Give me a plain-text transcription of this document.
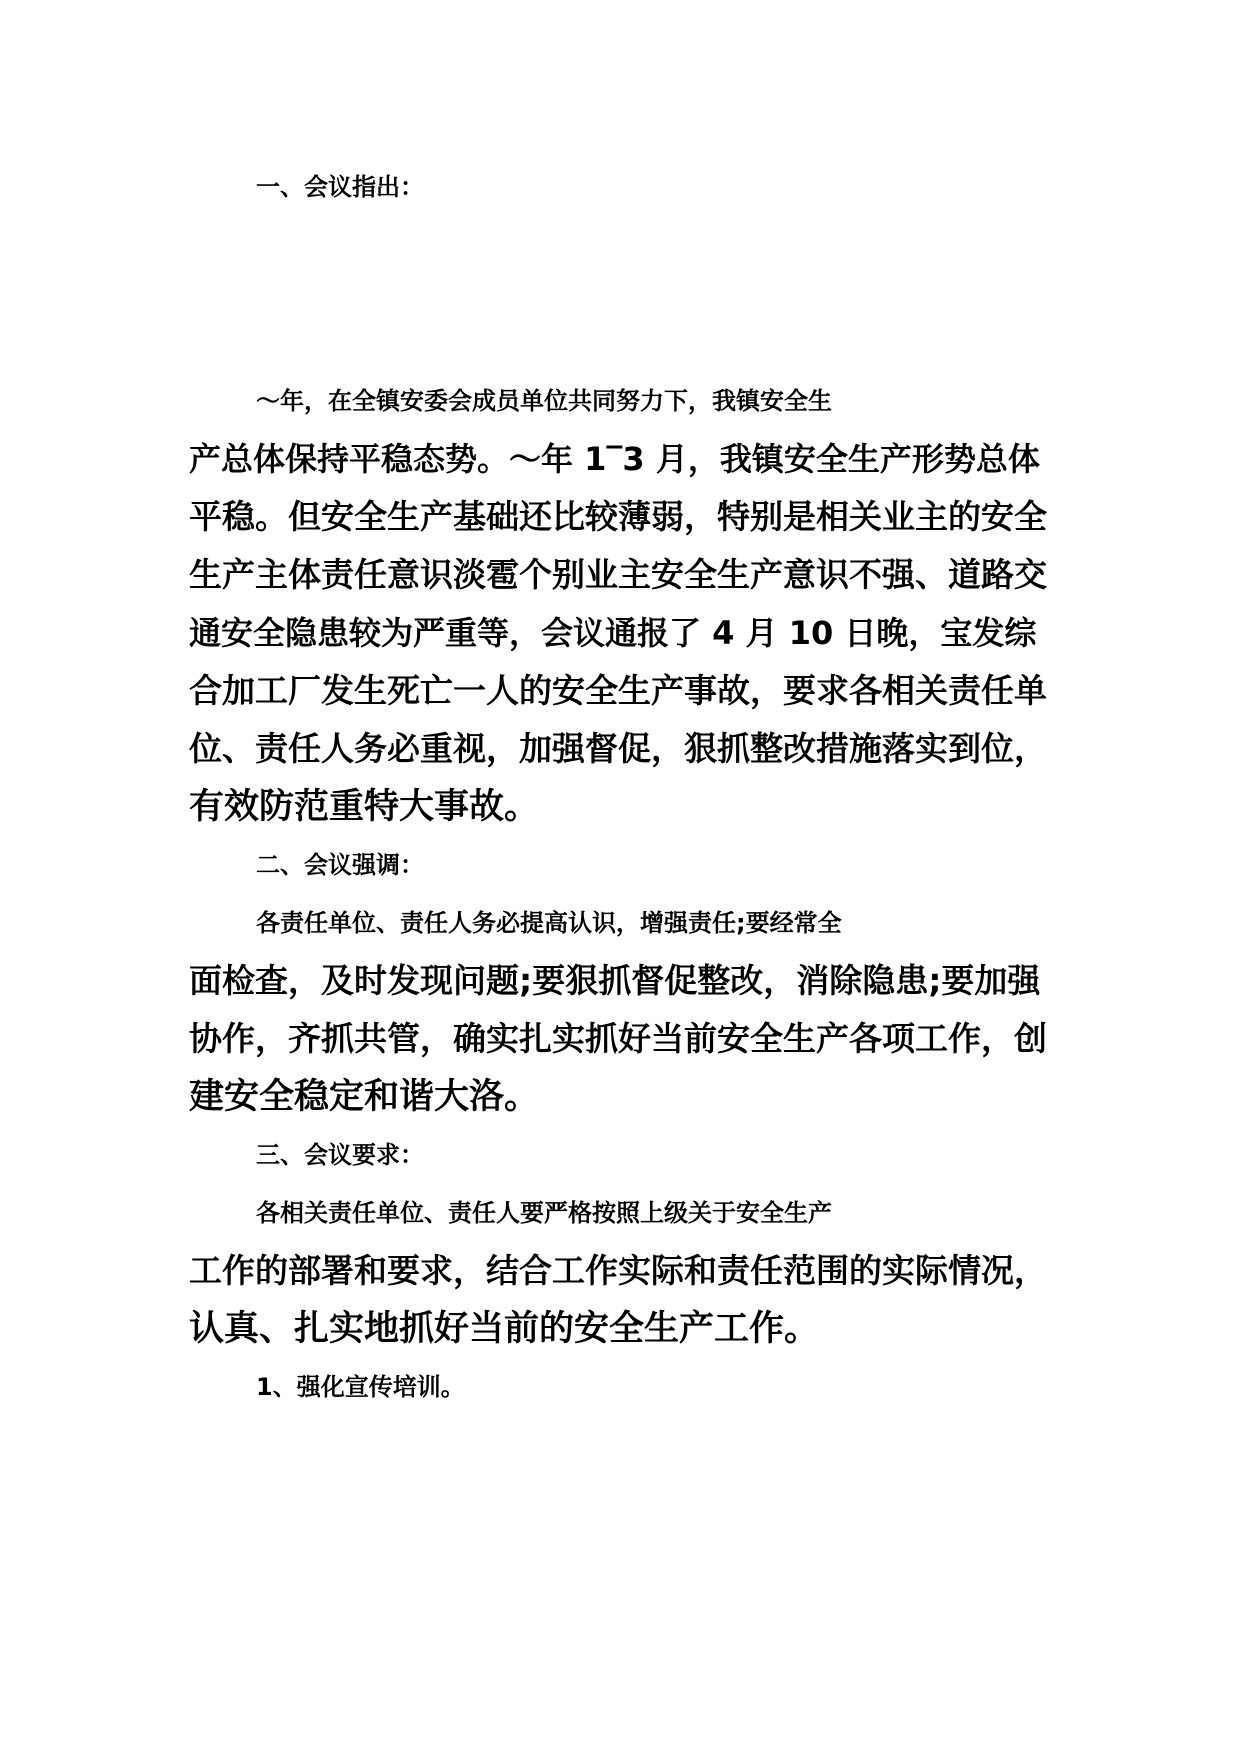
一、会议指出：
～年，在全镇安委会成员单位共同努力下，我镇安全生
产总体保持平稳态势。～年 1‾3 月，我镇安全生产形势总体
平稳。但安全生产基础还比较薄弱，特别是相关业主的安全
生产主体责任意识淡雹个别业主安全生产意识不强、道路交
通安全隐患较为严重等，会议通报了 4 月 10 日晚，宝发综
合加工厂发生死亡一人的安全生产事故，要求各相关责任单
位、责任人务必重视，加强督促，狠抓整改措施落实到位，
有效防范重特大事故。
二、会议强调：
各责任单位、责任人务必提高认识，增强责任;要经常全
面检查，及时发现问题;要狠抓督促整改，消除隐患;要加强
协作，齐抓共管，确实扎实抓好当前安全生产各项工作，创
建安全稳定和谐大洛。
三、会议要求：
各相关责任单位、责任人要严格按照上级关于安全生产
工作的部署和要求，结合工作实际和责任范围的实际情况，
认真、扎实地抓好当前的安全生产工作。
1、强化宣传培训。
